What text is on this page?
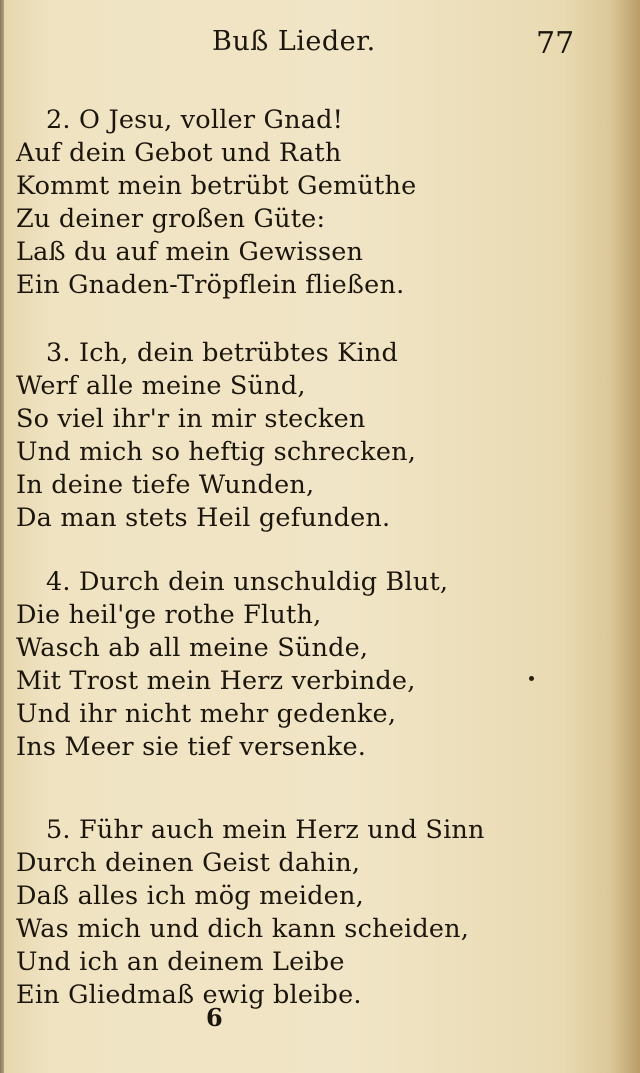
Buß Lieder.	77
2. O Jesu, voller Gnad!
Auf dein Gebot und Rath
Kommt mein betrübt Gemüthe
Zu deiner großen Güte:
Laß du auf mein Gewissen
Ein Gnaden-Tröpflein fließen.
3. Ich, dein betrübtes Kind
Werf alle meine Sünd,
So viel ihr'r in mir stecken
Und mich so heftig schrecken,
In deine tiefe Wunden,
Da man stets Heil gefunden.
4. Durch dein unschuldig Blut,
Die heil'ge rothe Fluth,
Wasch ab all meine Sünde,
Mit Trost mein Herz verbinde,
Und ihr nicht mehr gedenke,
Ins Meer sie tief versenke.
5. Führ auch mein Herz und Sinn
Durch deinen Geist dahin,
Daß alles ich mög meiden,
Was mich und dich kann scheiden,
Und ich an deinem Leibe
Ein Gliedmaß ewig bleibe.
6
